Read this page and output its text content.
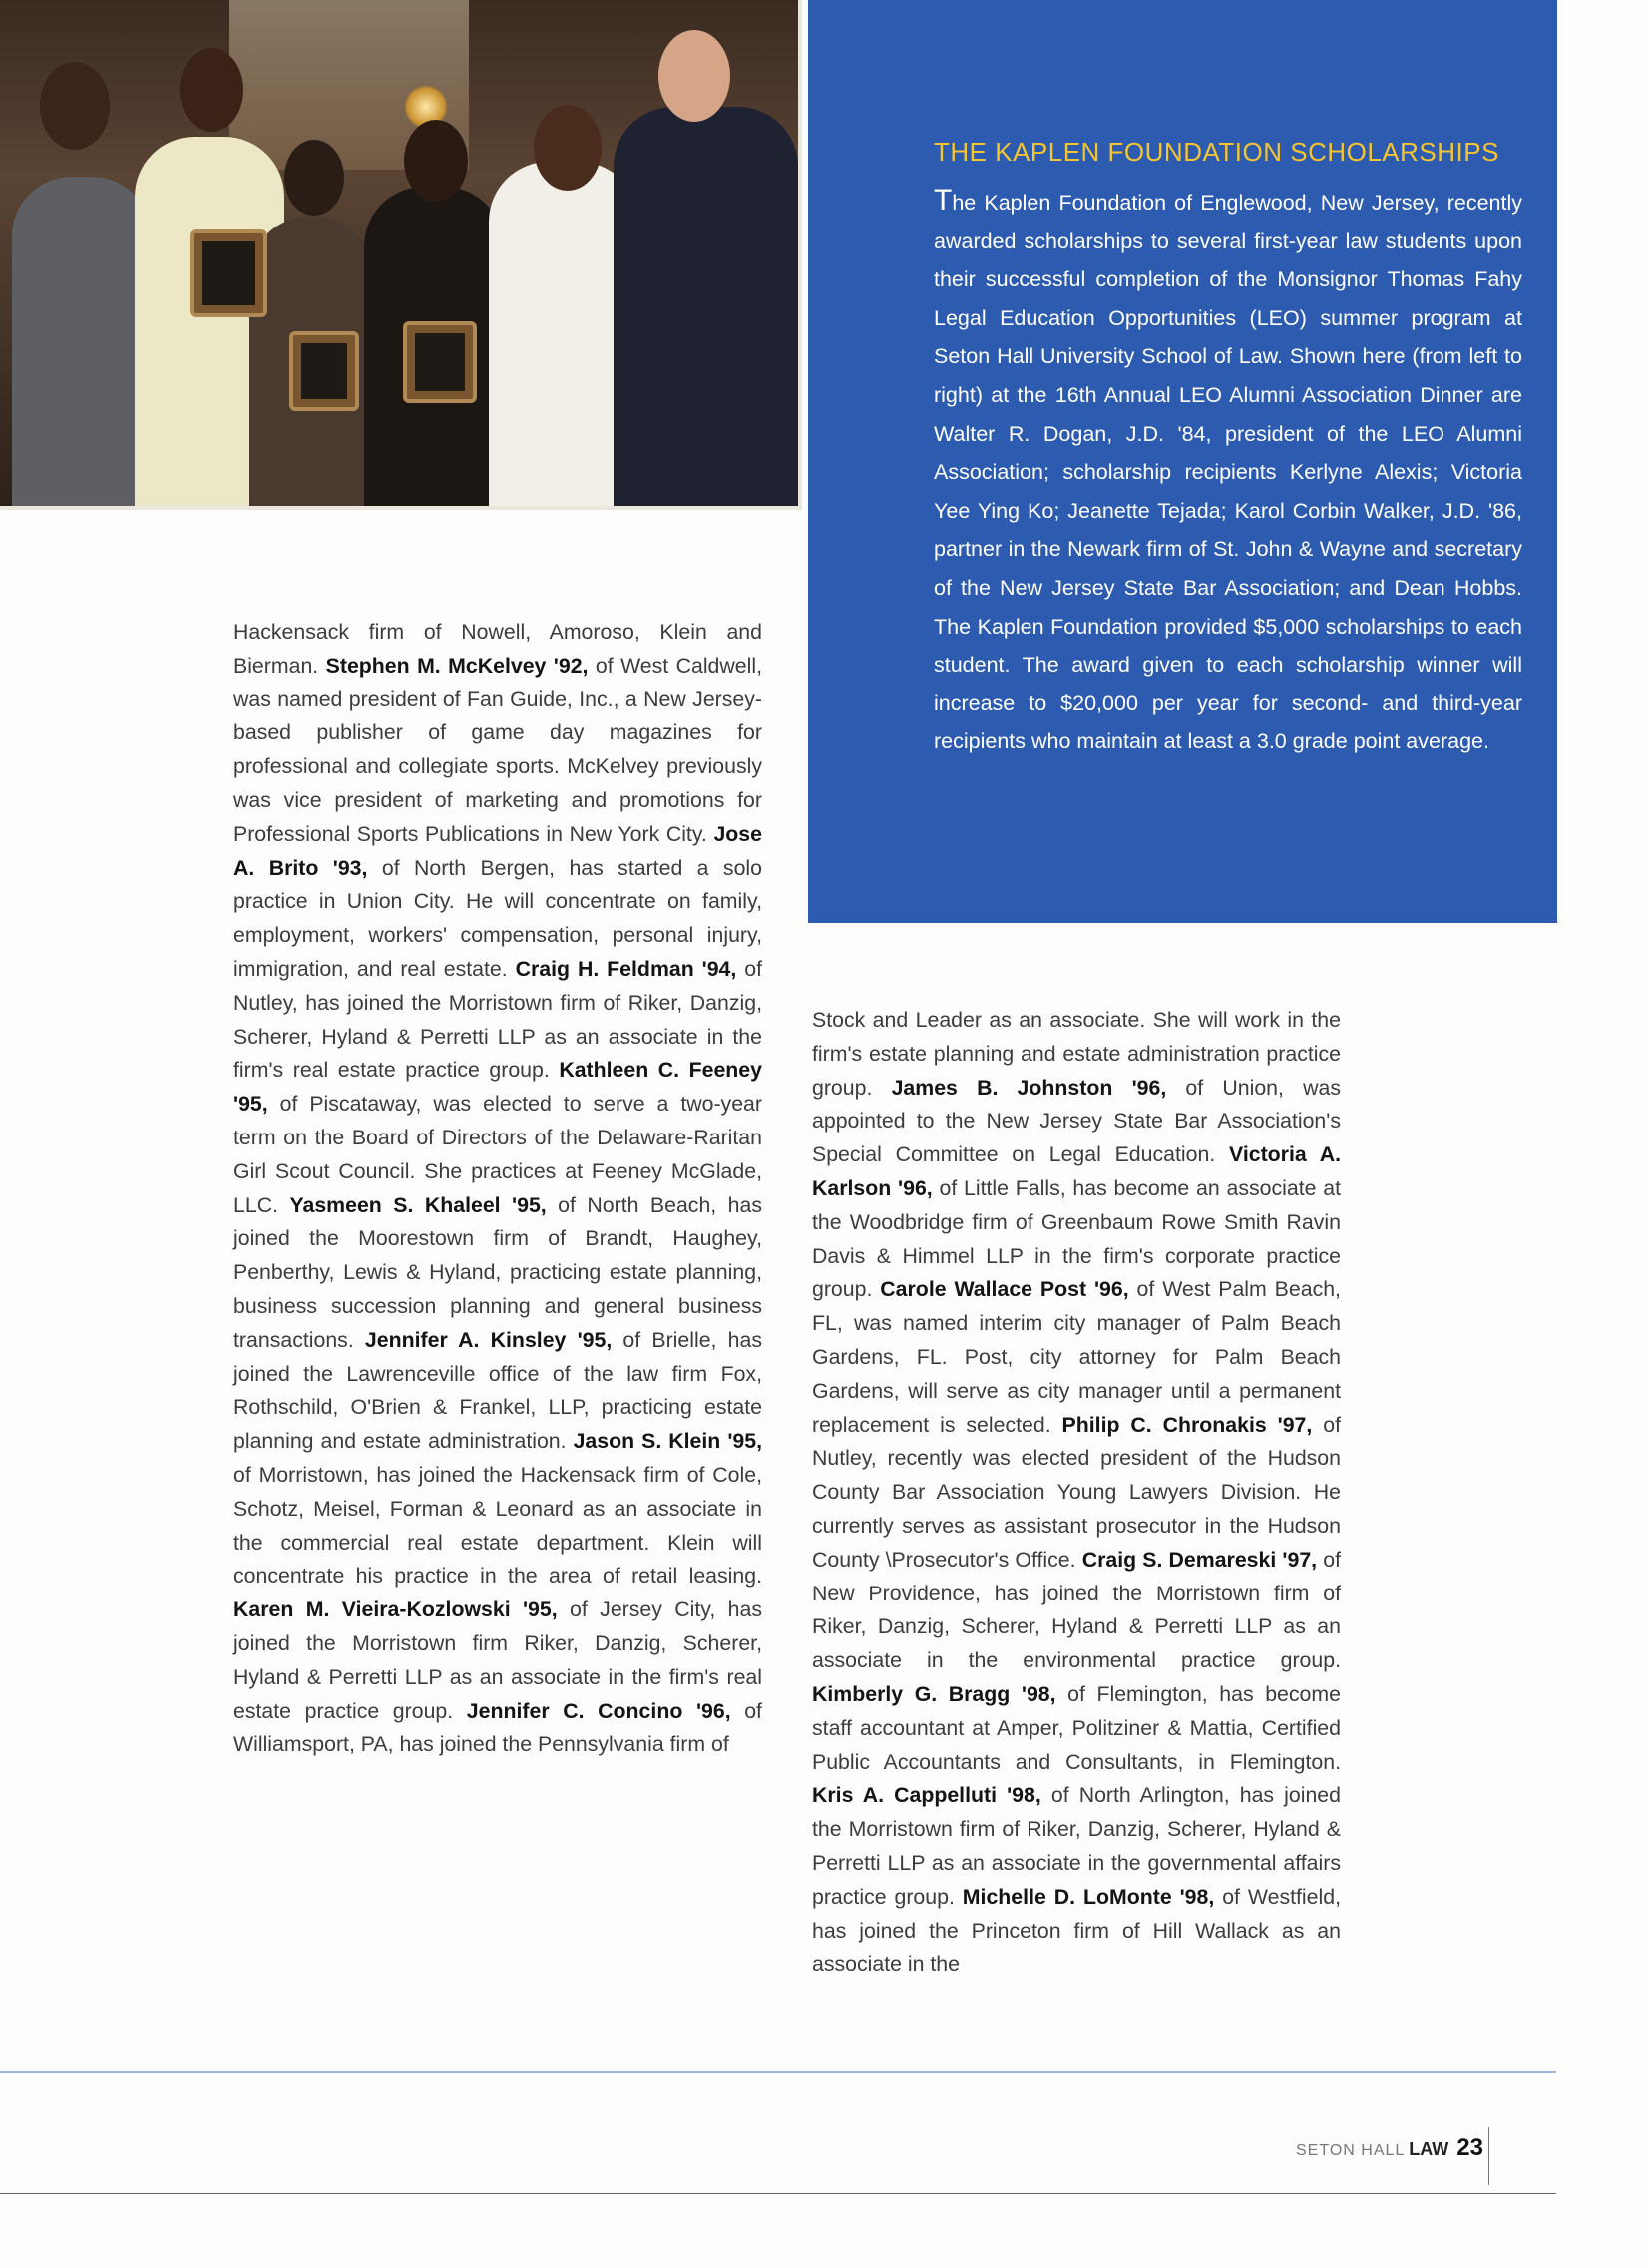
THE KAPLEN FOUNDATION SCHOLARSHIPS

The Kaplen Foundation of Englewood, New Jersey, recently awarded scholarships to several first-year law students upon their successful completion of the Monsignor Thomas Fahy Legal Education Opportunities (LEO) summer program at Seton Hall University School of Law. Shown here (from left to right) at the 16th Annual LEO Alumni Association Dinner are Walter R. Dogan, J.D. '84, president of the LEO Alumni Association; scholarship recipients Kerlyne Alexis; Victoria Yee Ying Ko; Jeanette Tejada; Karol Corbin Walker, J.D. '86, partner in the Newark firm of St. John & Wayne and secretary of the New Jersey State Bar Association; and Dean Hobbs. The Kaplen Foundation provided $5,000 scholarships to each student. The award given to each scholarship winner will increase to $20,000 per year for second- and third-year recipients who maintain at least a 3.0 grade point average.

Hackensack firm of Nowell, Amoroso, Klein and Bierman. Stephen M. McKelvey '92, of West Caldwell, was named president of Fan Guide, Inc., a New Jersey-based publisher of game day magazines for professional and collegiate sports. McKelvey previously was vice president of marketing and promotions for Professional Sports Publications in New York City. Jose A. Brito '93, of North Bergen, has started a solo practice in Union City. He will concentrate on family, employment, workers' compensation, personal injury, immigration, and real estate. Craig H. Feldman '94, of Nutley, has joined the Morristown firm of Riker, Danzig, Scherer, Hyland & Perretti LLP as an associate in the firm's real estate practice group. Kathleen C. Feeney '95, of Piscataway, was elected to serve a two-year term on the Board of Directors of the Delaware-Raritan Girl Scout Council. She practices at Feeney McGlade, LLC. Yasmeen S. Khaleel '95, of North Beach, has joined the Moorestown firm of Brandt, Haughey, Penberthy, Lewis & Hyland, practicing estate planning, business succession planning and general business transactions. Jennifer A. Kinsley '95, of Brielle, has joined the Lawrenceville office of the law firm Fox, Rothschild, O'Brien & Frankel, LLP, practicing estate planning and estate administration. Jason S. Klein '95, of Morristown, has joined the Hackensack firm of Cole, Schotz, Meisel, Forman & Leonard as an associate in the commercial real estate department. Klein will concentrate his practice in the area of retail leasing. Karen M. Vieira-Kozlowski '95, of Jersey City, has joined the Morristown firm Riker, Danzig, Scherer, Hyland & Perretti LLP as an associate in the firm's real estate practice group. Jennifer C. Concino '96, of Williamsport, PA, has joined the Pennsylvania firm of
Stock and Leader as an associate. She will work in the firm's estate planning and estate administration practice group. James B. Johnston '96, of Union, was appointed to the New Jersey State Bar Association's Special Committee on Legal Education. Victoria A. Karlson '96, of Little Falls, has become an associate at the Woodbridge firm of Greenbaum Rowe Smith Ravin Davis & Himmel LLP in the firm's corporate practice group. Carole Wallace Post '96, of West Palm Beach, FL, was named interim city manager of Palm Beach Gardens, FL. Post, city attorney for Palm Beach Gardens, will serve as city manager until a permanent replacement is selected. Philip C. Chronakis '97, of Nutley, recently was elected president of the Hudson County Bar Association Young Lawyers Division. He currently serves as assistant prosecutor in the Hudson County \Prosecutor's Office. Craig S. Demareski '97, of New Providence, has joined the Morristown firm of Riker, Danzig, Scherer, Hyland & Perretti LLP as an associate in the environmental practice group. Kimberly G. Bragg '98, of Flemington, has become staff accountant at Amper, Politziner & Mattia, Certified Public Accountants and Consultants, in Flemington. Kris A. Cappelluti '98, of North Arlington, has joined the Morristown firm of Riker, Danzig, Scherer, Hyland & Perretti LLP as an associate in the governmental affairs practice group. Michelle D. LoMonte '98, of Westfield, has joined the Princeton firm of Hill Wallack as an associate in the
SETON HALL LAW 23
